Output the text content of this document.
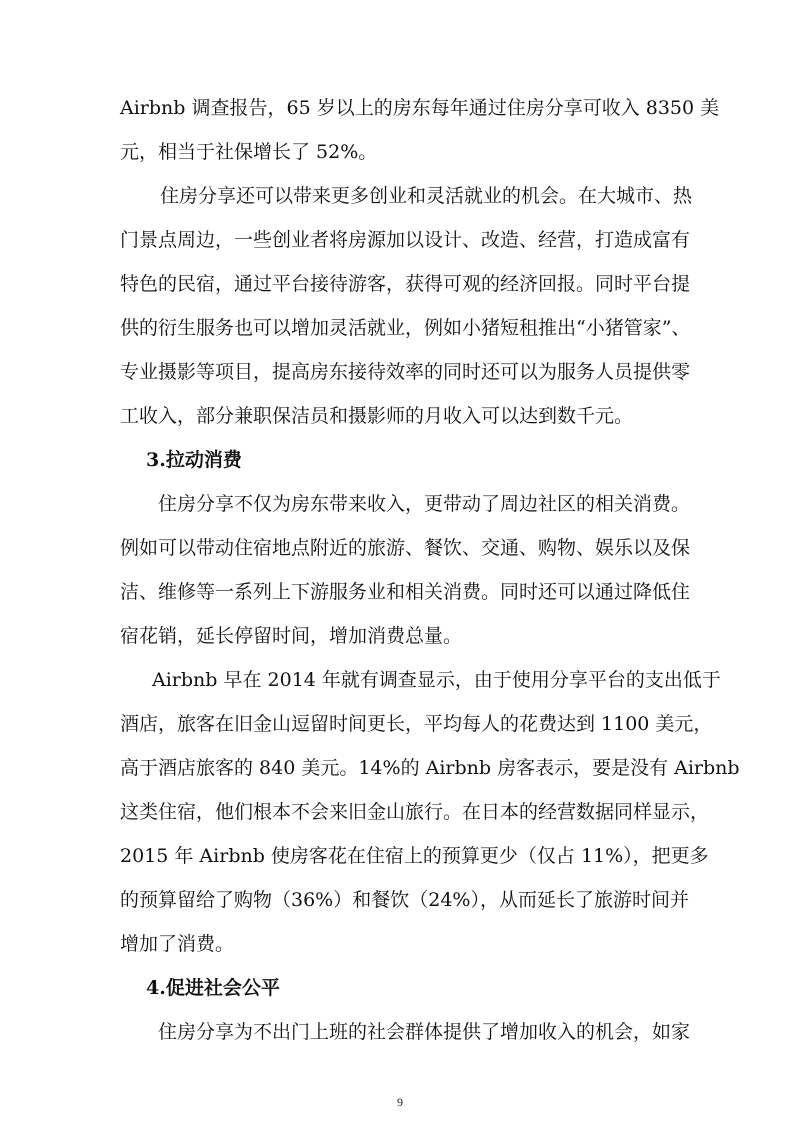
Airbnb 调查报告，65 岁以上的房东每年通过住房分享可收入 8350 美
元，相当于社保增长了 52%。
住房分享还可以带来更多创业和灵活就业的机会。在大城市、热
门景点周边，一些创业者将房源加以设计、改造、经营，打造成富有
特色的民宿，通过平台接待游客，获得可观的经济回报。同时平台提
供的衍生服务也可以增加灵活就业，例如小猪短租推出“小猪管家”、
专业摄影等项目，提高房东接待效率的同时还可以为服务人员提供零
工收入，部分兼职保洁员和摄影师的月收入可以达到数千元。
3.拉动消费
住房分享不仅为房东带来收入，更带动了周边社区的相关消费。
例如可以带动住宿地点附近的旅游、餐饮、交通、购物、娱乐以及保
洁、维修等一系列上下游服务业和相关消费。同时还可以通过降低住
宿花销，延长停留时间，增加消费总量。
Airbnb 早在 2014 年就有调查显示，由于使用分享平台的支出低于
酒店，旅客在旧金山逗留时间更长，平均每人的花费达到 1100 美元，
高于酒店旅客的 840 美元。14%的 Airbnb 房客表示，要是没有 Airbnb
这类住宿，他们根本不会来旧金山旅行。在日本的经营数据同样显示，
2015 年 Airbnb 使房客花在住宿上的预算更少（仅占 11%），把更多
的预算留给了购物（36%）和餐饮（24%），从而延长了旅游时间并
增加了消费。
4.促进社会公平
住房分享为不出门上班的社会群体提供了增加收入的机会，如家
9
